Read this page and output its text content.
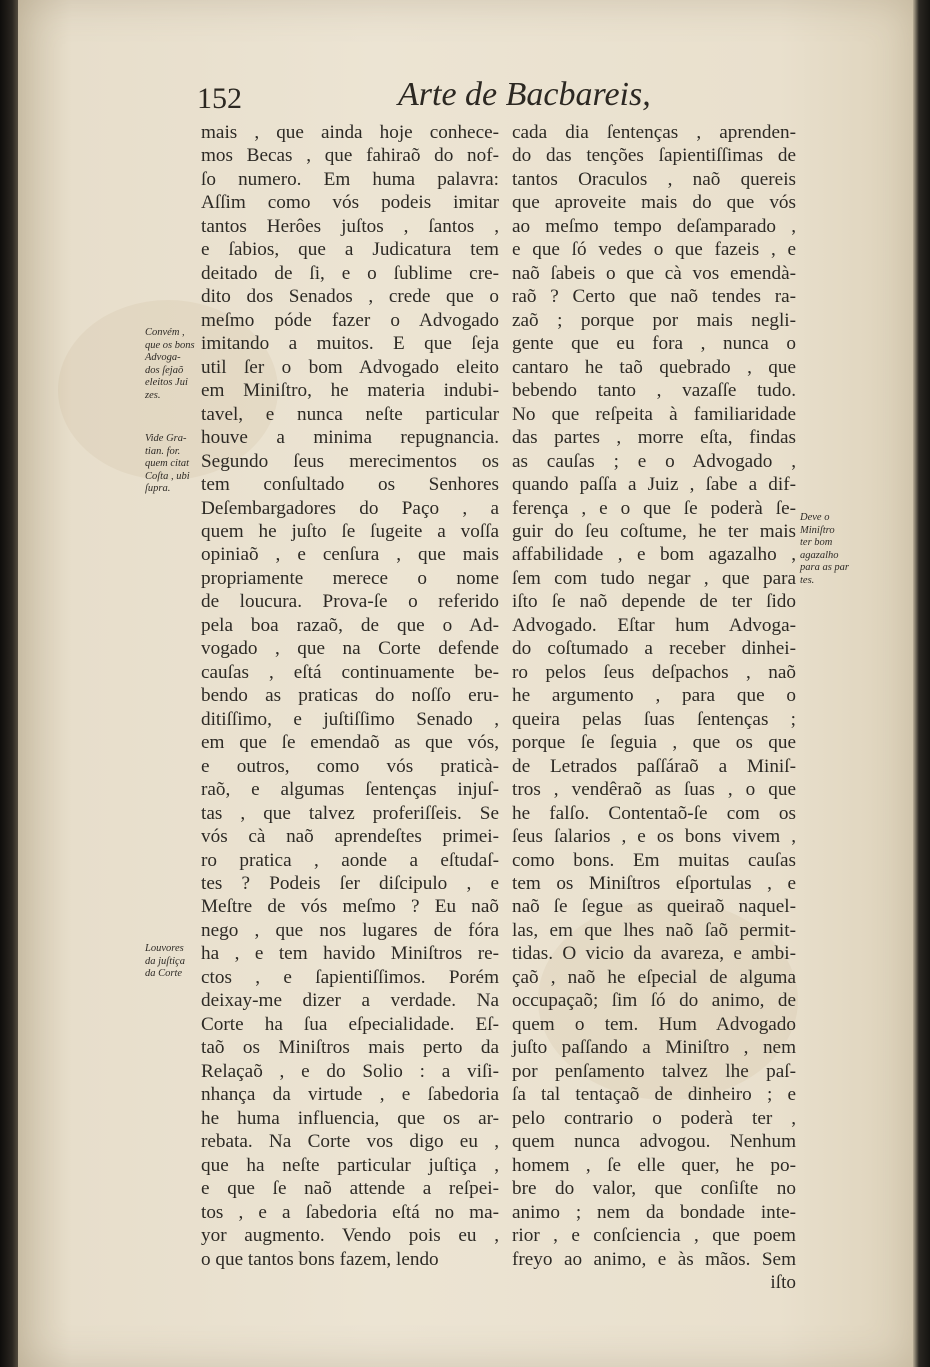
152	Arte de Bacbareis,
mais , que ainda hoje conhece-
mos Becas , que fahiraõ do nof-
ſo numero. Em huma palavra:
Aſſim como vós podeis imitar
tantos Herôes juſtos , ſantos ,
e ſabios, que a Judicatura tem
deitado de ſi, e o ſublime cre-
dito dos Senados , crede que o
meſmo póde fazer o Advogado
imitando a muitos. E que ſeja
util ſer o bom Advogado eleito
em Miniſtro, he materia indubi-
tavel, e nunca neſte particular
houve a minima repugnancia.
Segundo ſeus merecimentos os
tem conſultado os Senhores
Deſembargadores do Paço , a
quem he juſto ſe ſugeite a voſſa
opiniaõ , e cenſura , que mais
propriamente merece o nome
de loucura. Prova-ſe o referido
pela boa razaõ, de que o Ad-
vogado , que na Corte defende
cauſas , eſtá continuamente be-
bendo as praticas do noſſo eru-
ditiſſimo, e juſtiſſimo Senado ,
em que ſe emendaõ as que vós,
e outros, como vós praticà-
raõ, e algumas ſentenças injuſ-
tas , que talvez proferiſſeis. Se
vós cà naõ aprendeſtes primei-
ro pratica , aonde a eſtudaſ-
tes ? Podeis ſer diſcipulo , e
Meſtre de vós meſmo ? Eu naõ
nego , que nos lugares de fóra
ha , e tem havido Miniſtros re-
ctos , e ſapientiſſimos. Porém
deixay-me dizer a verdade. Na
Corte ha ſua eſpecialidade. Eſ-
taõ os Miniſtros mais perto da
Relaçaõ , e do Solio : a viſi-
nhança da virtude , e ſabedoria
he huma influencia, que os ar-
rebata. Na Corte vos digo eu ,
que ha neſte particular juſtiça ,
e que ſe naõ attende a reſpei-
tos , e a ſabedoria eſtá no ma-
yor augmento. Vendo pois eu ,
o que tantos bons fazem, lendo
cada dia ſentenças , aprenden-
do das tenções ſapientiſſimas de
tantos Oraculos , naõ quereis
que aproveite mais do que vós
ao meſmo tempo deſamparado ,
e que ſó vedes o que fazeis , e
naõ ſabeis o que cà vos emendà-
raõ ? Certo que naõ tendes ra-
zaõ ; porque por mais negli-
gente que eu fora , nunca o
cantaro he taõ quebrado , que
bebendo tanto , vazaſſe tudo.
No que reſpeita à familiaridade
das partes , morre eſta, findas
as cauſas ; e o Advogado ,
quando paſſa a Juiz , ſabe a dif-
ferença , e o que ſe poderà ſe-
guir do ſeu coſtume, he ter mais
affabilidade , e bom agazalho ,
ſem com tudo negar , que para
iſto ſe naõ depende de ter ſido
Advogado. Eſtar hum Advoga-
do coſtumado a receber dinhei-
ro pelos ſeus deſpachos , naõ
he argumento , para que o
queira pelas ſuas ſentenças ;
porque ſe ſeguia , que os que
de Letrados paſſáraõ a Miniſ-
tros , vendêraõ as ſuas , o que
he falſo. Contentaõ-ſe com os
ſeus ſalarios , e os bons vivem ,
como bons. Em muitas cauſas
tem os Miniſtros eſportulas , e
naõ ſe ſegue as queiraõ naquel-
las, em que lhes naõ ſaõ permit-
tidas. O vicio da avareza, e ambi-
çaõ , naõ he eſpecial de alguma
occupaçaõ; ſim ſó do animo, de
quem o tem. Hum Advogado
juſto paſſando a Miniſtro , nem
por penſamento talvez lhe paſ-
ſa tal tentaçaõ de dinheiro ; e
pelo contrario o poderà ter ,
quem nunca advogou. Nenhum
homem , ſe elle quer, he po-
bre do valor, que conſiſte no
animo ; nem da bondade inte-
rior , e conſciencia , que poem
freyo ao animo, e às mãos. Sem
iſto
Convém ,
que os bons
Advoga-
dos ſejaõ
eleitos Jui
zes.
Vide Gra-
tian. for.
quem citat
Coſta , ubi
ſupra.
Louvores
da juſtiça
da Corte
Deve o
Miniſtro
ter bom
agazalho
para as par
tes.
